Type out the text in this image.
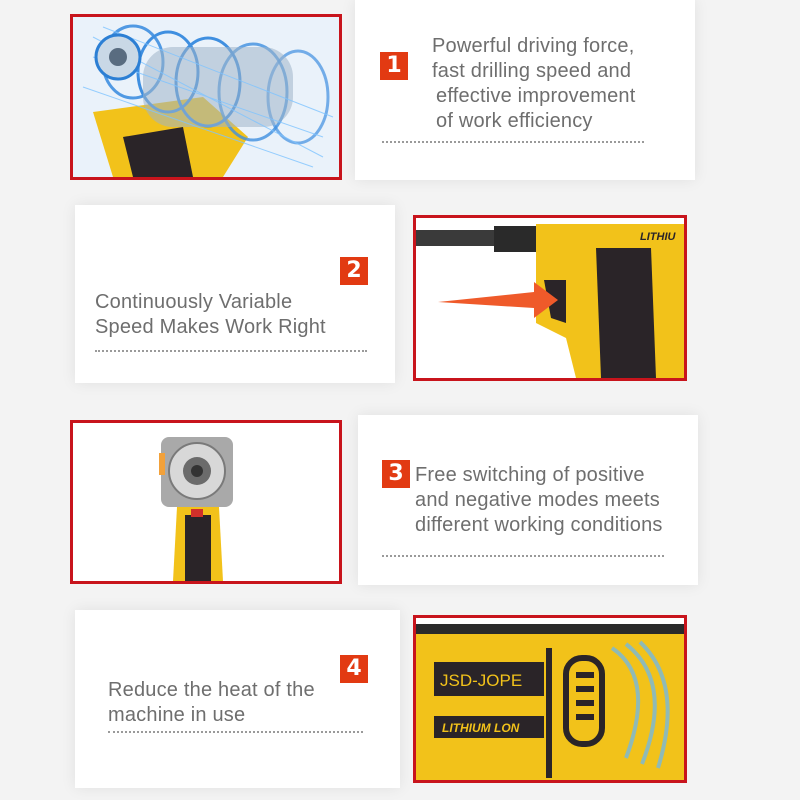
1
Powerful driving force,
fast drilling speed and
effective improvement
of work efficiency
2
Continuously Variable
Speed Makes Work Right
LITHIU
3 Free switching of positive
and negative modes meets
different working conditions
4
Reduce the heat of the
machine in use
JSD-JOPE
LITHIUM LON
